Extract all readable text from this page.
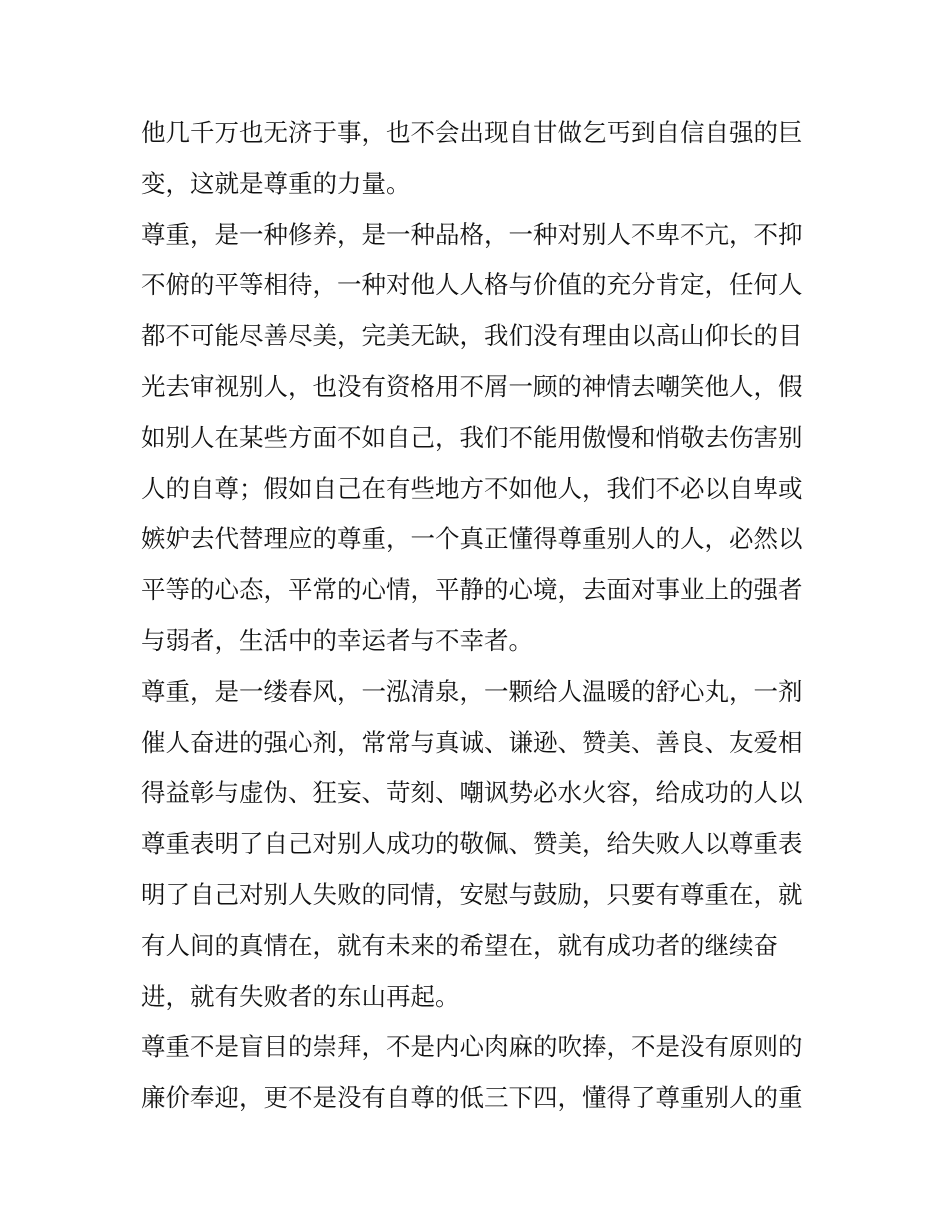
他几千万也无济于事，也不会出现自甘做乞丐到自信自强的巨
变，这就是尊重的力量。
尊重，是一种修养，是一种品格，一种对别人不卑不亢，不抑
不俯的平等相待，一种对他人人格与价值的充分肯定，任何人
都不可能尽善尽美，完美无缺，我们没有理由以高山仰长的目
光去审视别人，也没有资格用不屑一顾的神情去嘲笑他人，假
如别人在某些方面不如自己，我们不能用傲慢和悄敬去伤害别
人的自尊；假如自己在有些地方不如他人，我们不必以自卑或
嫉妒去代替理应的尊重，一个真正懂得尊重别人的人，必然以
平等的心态，平常的心情，平静的心境，去面对事业上的强者
与弱者，生活中的幸运者与不幸者。
尊重，是一缕春风，一泓清泉，一颗给人温暖的舒心丸，一剂
催人奋进的强心剂，常常与真诚、谦逊、赞美、善良、友爱相
得益彰与虚伪、狂妄、苛刻、嘲讽势必水火容，给成功的人以
尊重表明了自己对别人成功的敬佩、赞美，给失败人以尊重表
明了自己对别人失败的同情，安慰与鼓励，只要有尊重在，就
有人间的真情在，就有未来的希望在，就有成功者的继续奋
进，就有失败者的东山再起。
尊重不是盲目的崇拜，不是内心肉麻的吹捧，不是没有原则的
廉价奉迎，更不是没有自尊的低三下四，懂得了尊重别人的重
